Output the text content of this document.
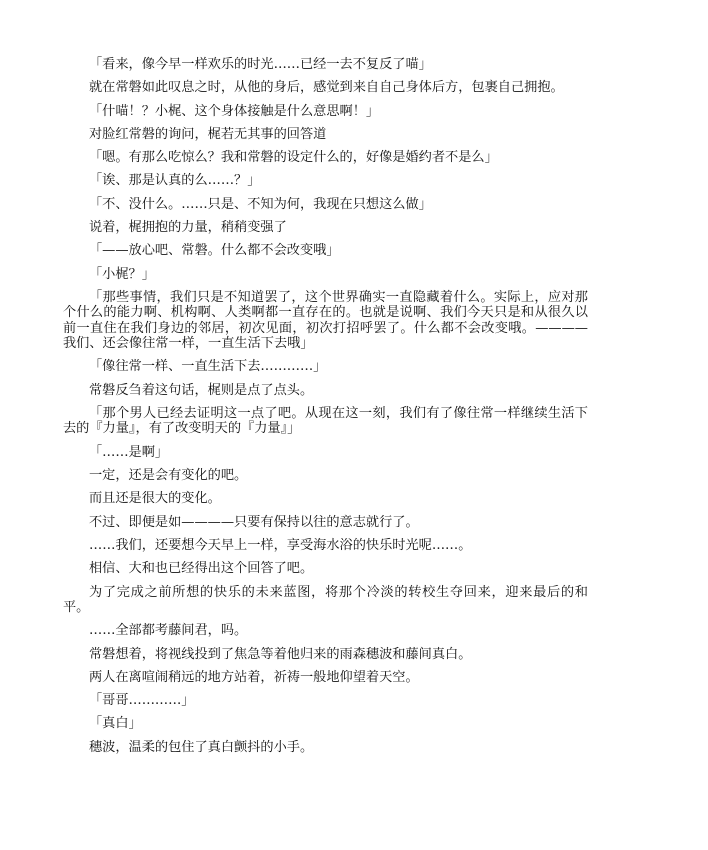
「看来，像今早一样欢乐的时光……已经一去不复反了喵」

就在常磐如此叹息之时，从他的身后，感觉到来自自己身体后方，包裹自己拥抱。

「什喵！？小梶、这个身体接触是什么意思啊！」

对脸红常磐的询问，梶若无其事的回答道

「嗯。有那么吃惊么？我和常磐的设定什么的，好像是婚约者不是么」

「诶、那是认真的么……？」

「不、没什么。……只是、不知为何，我现在只想这么做」

说着，梶拥抱的力量，稍稍变强了

「——放心吧、常磐。什么都不会改变哦」

「小梶？」

「那些事情，我们只是不知道罢了，这个世界确实一直隐藏着什么。实际上，应对那个什么的能力啊、机构啊、人类啊都一直存在的。也就是说啊、我们今天只是和从很久以前一直住在我们身边的邻居，初次见面，初次打招呼罢了。什么都不会改变哦。————我们、还会像往常一样，一直生活下去哦」

「像往常一样、一直生活下去…………」

常磐反刍着这句话，梶则是点了点头。

「那个男人已经去证明这一点了吧。从现在这一刻，我们有了像往常一样继续生活下去的『力量』，有了改变明天的『力量』」

「……是啊」

一定，还是会有变化的吧。

而且还是很大的变化。

不过、即便是如————只要有保持以往的意志就行了。

……我们，还要想今天早上一样，享受海水浴的快乐时光呢……。

相信、大和也已经得出这个回答了吧。

为了完成之前所想的快乐的未来蓝图，将那个冷淡的转校生夺回来，迎来最后的和平。

……全部都考藤间君，吗。

常磐想着，将视线投到了焦急等着他归来的雨森穗波和藤间真白。

两人在离喧闹稍远的地方站着，祈祷一般地仰望着天空。

「哥哥…………」

「真白」

穗波，温柔的包住了真白颤抖的小手。
